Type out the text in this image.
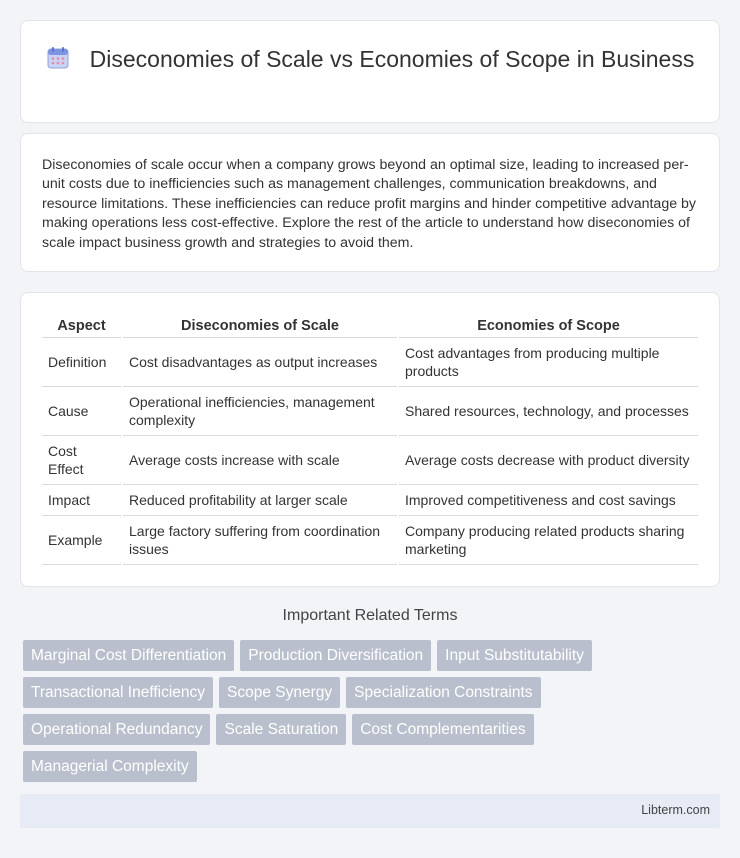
Diseconomies of Scale vs Economies of Scope in Business

Diseconomies of scale occur when a company grows beyond an optimal size, leading to increased per-unit costs due to inefficiencies such as management challenges, communication breakdowns, and resource limitations. These inefficiencies can reduce profit margins and hinder competitive advantage by making operations less cost-effective. Explore the rest of the article to understand how diseconomies of scale impact business growth and strategies to avoid them.

Aspect	Diseconomies of Scale	Economies of Scope
Definition	Cost disadvantages as output increases	Cost advantages from producing multiple products
Cause	Operational inefficiencies, management complexity	Shared resources, technology, and processes
Cost Effect	Average costs increase with scale	Average costs decrease with product diversity
Impact	Reduced profitability at larger scale	Improved competitiveness and cost savings
Example	Large factory suffering from coordination issues	Company producing related products sharing marketing
Important Related Terms
Marginal Cost Differentiation	Production Diversification	Input Substitutability
Transactional Inefficiency	Scope Synergy	Specialization Constraints
Operational Redundancy	Scale Saturation	Cost Complementarities
Managerial Complexity
Libterm.com
